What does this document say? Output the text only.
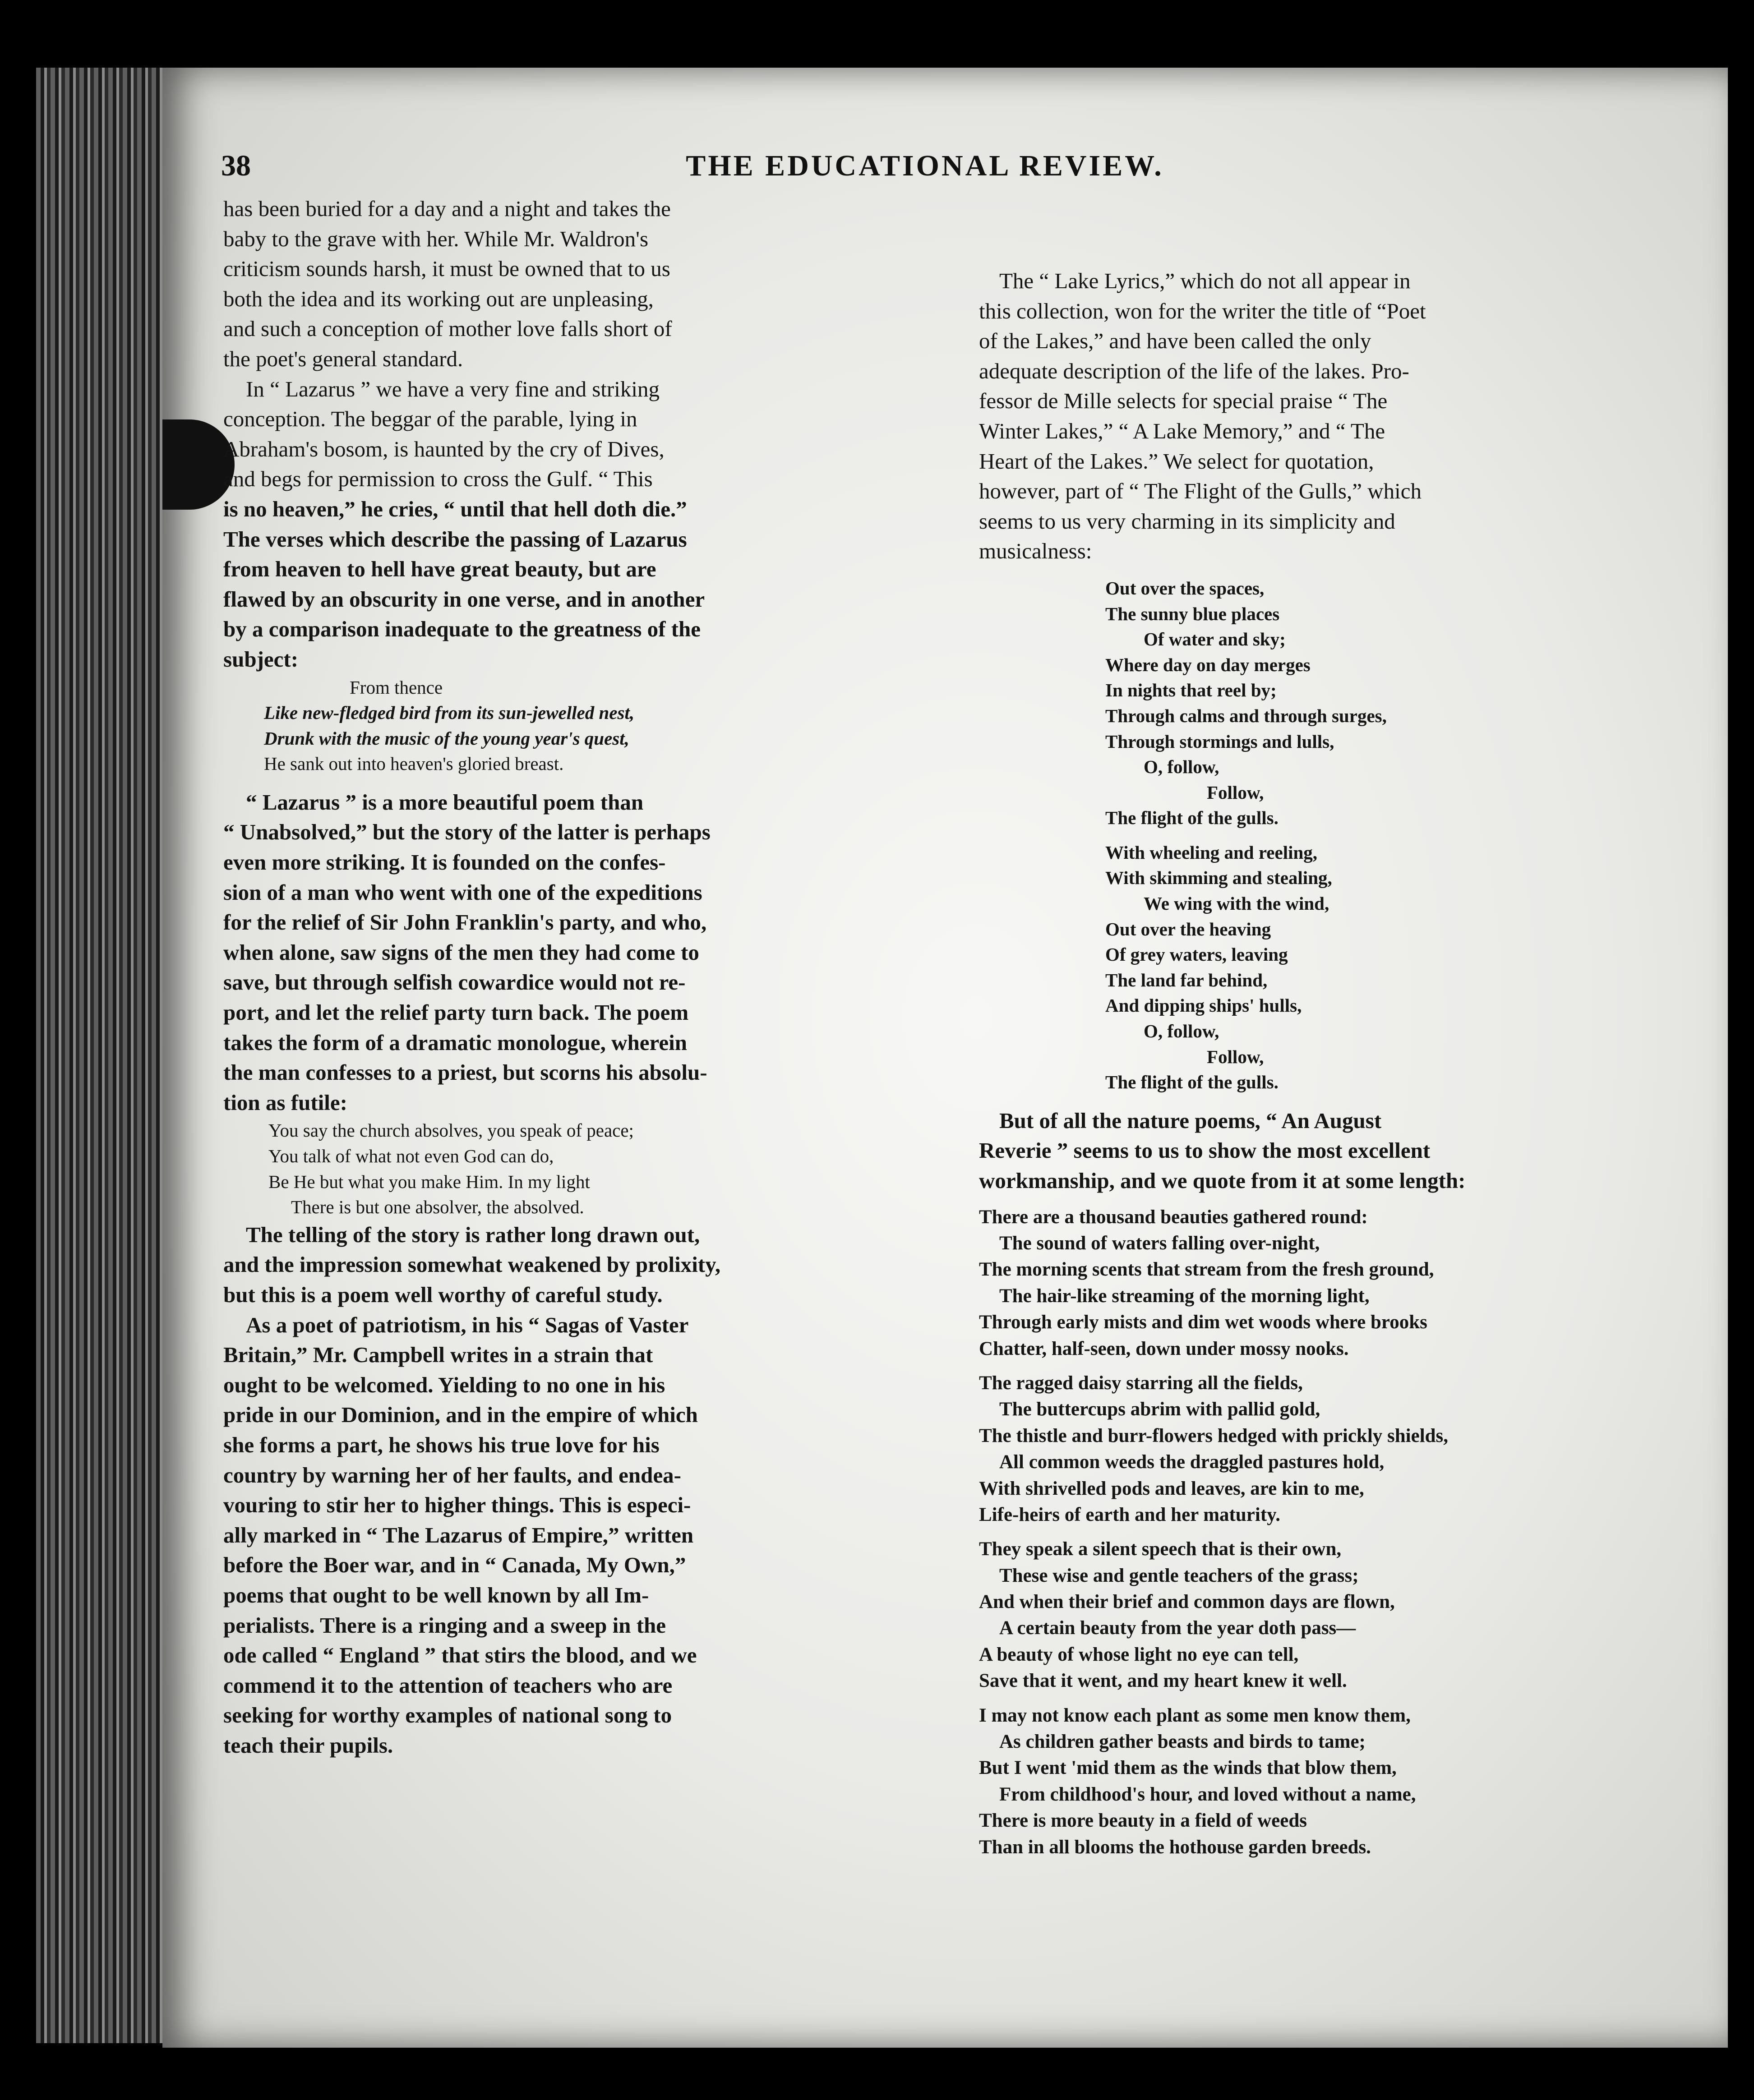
38	THE EDUCATIONAL REVIEW.
has been buried for a day and a night and takes the
baby to the grave with her. While Mr. Waldron's
criticism sounds harsh, it must be owned that to us
both the idea and its working out are unpleasing,
and such a conception of mother love falls short of
the poet's general standard.
In “ Lazarus ” we have a very fine and striking
conception. The beggar of the parable, lying in
Abraham's bosom, is haunted by the cry of Dives,
and begs for permission to cross the Gulf. “ This
is no heaven,” he cries, “ until that hell doth die.”
The verses which describe the passing of Lazarus
from heaven to hell have great beauty, but are
flawed by an obscurity in one verse, and in another
by a comparison inadequate to the greatness of the
subject:
From thence
Like new-fledged bird from its sun-jewelled nest,
Drunk with the music of the young year's quest,
He sank out into heaven's gloried breast.
“ Lazarus ” is a more beautiful poem than
“ Unabsolved,” but the story of the latter is perhaps
even more striking. It is founded on the confes-
sion of a man who went with one of the expeditions
for the relief of Sir John Franklin's party, and who,
when alone, saw signs of the men they had come to
save, but through selfish cowardice would not re-
port, and let the relief party turn back. The poem
takes the form of a dramatic monologue, wherein
the man confesses to a priest, but scorns his absolu-
tion as futile:
You say the church absolves, you speak of peace;
You talk of what not even God can do,
Be He but what you make Him. In my light
There is but one absolver, the absolved.
The telling of the story is rather long drawn out,
and the impression somewhat weakened by prolixity,
but this is a poem well worthy of careful study.
As a poet of patriotism, in his “ Sagas of Vaster
Britain,” Mr. Campbell writes in a strain that
ought to be welcomed. Yielding to no one in his
pride in our Dominion, and in the empire of which
she forms a part, he shows his true love for his
country by warning her of her faults, and endea-
vouring to stir her to higher things. This is especi-
ally marked in “ The Lazarus of Empire,” written
before the Boer war, and in “ Canada, My Own,”
poems that ought to be well known by all Im-
perialists. There is a ringing and a sweep in the
ode called “ England ” that stirs the blood, and we
commend it to the attention of teachers who are
seeking for worthy examples of national song to
teach their pupils.
The “ Lake Lyrics,” which do not all appear in
this collection, won for the writer the title of “Poet
of the Lakes,” and have been called the only
adequate description of the life of the lakes. Pro-
fessor de Mille selects for special praise “ The
Winter Lakes,” “ A Lake Memory,” and “ The
Heart of the Lakes.” We select for quotation,
however, part of “ The Flight of the Gulls,” which
seems to us very charming in its simplicity and
musicalness:
Out over the spaces,
The sunny blue places
Of water and sky;
Where day on day merges
In nights that reel by;
Through calms and through surges,
Through stormings and lulls,
O, follow,
Follow,
The flight of the gulls.
With wheeling and reeling,
With skimming and stealing,
We wing with the wind,
Out over the heaving
Of grey waters, leaving
The land far behind,
And dipping ships' hulls,
O, follow,
Follow,
The flight of the gulls.
But of all the nature poems, “ An August
Reverie ” seems to us to show the most excellent
workmanship, and we quote from it at some length:
There are a thousand beauties gathered round:
The sound of waters falling over-night,
The morning scents that stream from the fresh ground,
The hair-like streaming of the morning light,
Through early mists and dim wet woods where brooks
Chatter, half-seen, down under mossy nooks.
The ragged daisy starring all the fields,
The buttercups abrim with pallid gold,
The thistle and burr-flowers hedged with prickly shields,
All common weeds the draggled pastures hold,
With shrivelled pods and leaves, are kin to me,
Life-heirs of earth and her maturity.
They speak a silent speech that is their own,
These wise and gentle teachers of the grass;
And when their brief and common days are flown,
A certain beauty from the year doth pass—
A beauty of whose light no eye can tell,
Save that it went, and my heart knew it well.
I may not know each plant as some men know them,
As children gather beasts and birds to tame;
But I went 'mid them as the winds that blow them,
From childhood's hour, and loved without a name,
There is more beauty in a field of weeds
Than in all blooms the hothouse garden breeds.
